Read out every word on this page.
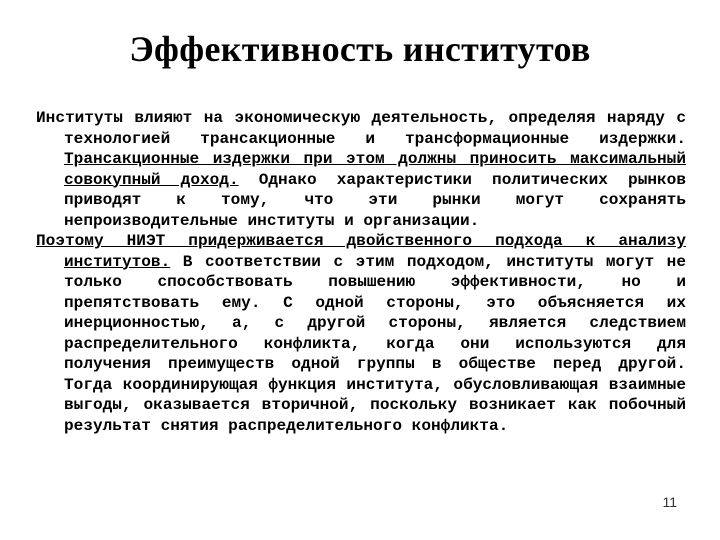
Эффективность институтов

Институты влияют на экономическую деятельность, определяя наряду с технологией трансакционные и трансформационные издержки. Трансакционные издержки при этом должны приносить максимальный совокупный доход. Однако характеристики политических рынков приводят к тому, что эти рынки могут сохранять непроизводительные институты и организации.

Поэтому НИЭТ придерживается двойственного подхода к анализу институтов. В соответствии с этим подходом, институты могут не только способствовать повышению эффективности, но и препятствовать ему. С одной стороны, это объясняется их инерционностью, а, с другой стороны, является следствием распределительного конфликта, когда они используются для получения преимуществ одной группы в обществе перед другой. Тогда координирующая функция института, обусловливающая взаимные выгоды, оказывается вторичной, поскольку возникает как побочный результат снятия распределительного конфликта.

11
